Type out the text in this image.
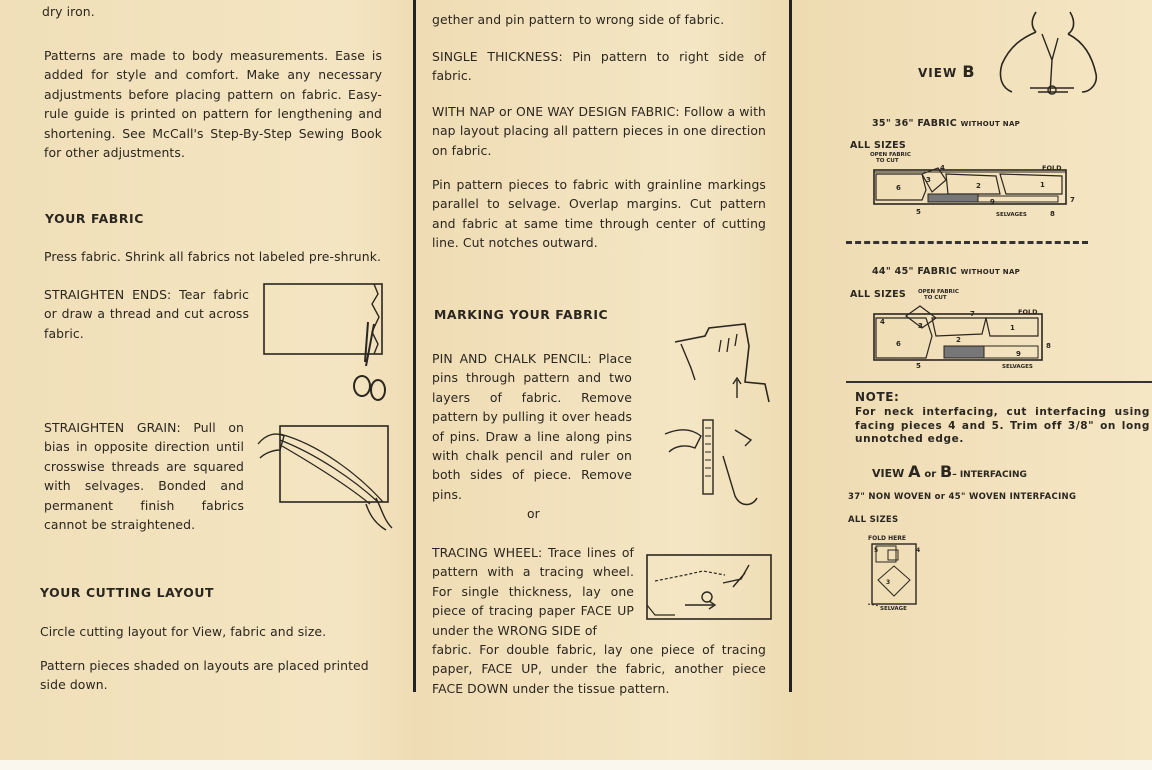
dry iron.

Patterns are made to body measurements. Ease is added for style and comfort. Make any necessary adjustments before placing pattern on fabric. Easy-rule guide is printed on pattern for lengthening and shortening. See McCall's Step-By-Step Sewing Book for other adjustments.
YOUR FABRIC
Press fabric. Shrink all fabrics not labeled pre-shrunk.
STRAIGHTEN ENDS: Tear fabric or draw a thread and cut across fabric.
STRAIGHTEN GRAIN: Pull on bias in opposite direction until crosswise threads are squared with selvages. Bonded and permanent finish fabrics cannot be straightened.
YOUR CUTTING LAYOUT
Circle cutting layout for View, fabric and size.
Pattern pieces shaded on layouts are placed printed side down.
gether and pin pattern to wrong side of fabric.
SINGLE THICKNESS: Pin pattern to right side of fabric.
WITH NAP or ONE WAY DESIGN FABRIC: Follow a with nap layout placing all pattern pieces in one direction on fabric.
Pin pattern pieces to fabric with grainline markings parallel to selvage. Overlap margins. Cut pattern and fabric at same time through center of cutting line. Cut notches outward.
MARKING YOUR FABRIC
PIN AND CHALK PENCIL: Place pins through pattern and two layers of fabric. Remove pattern by pulling it over heads of pins. Draw a line along pins with chalk pencil and ruler on both sides of piece. Remove pins.
or
TRACING WHEEL: Trace lines of pattern with a tracing wheel. For single thickness, lay one piece of tracing paper FACE UP under the WRONG SIDE of
fabric. For double fabric, lay one piece of tracing paper, FACE UP, under the fabric, another piece FACE DOWN under the tissue pattern.
VIEW B
35" 36" FABRIC WITHOUT NAP
ALL SIZES
OPEN FABRIC
TO CUT
6
3
4
2	1
9
5	8
7
FOLD
SELVAGES
44" 45" FABRIC WITHOUT NAP
ALL SIZES OPEN FABRIC
TO CUT
4	3
6
7
1
2
9
8
5
FOLD
SELVAGES
NOTE:
For neck interfacing, cut interfacing using facing pieces 4 and 5. Trim off 3/8" on long unnotched edge.
VIEW A or B– INTERFACING
37" NON WOVEN or 45" WOVEN INTERFACING
ALL SIZES
FOLD HERE
5	4
3
SELVAGE
